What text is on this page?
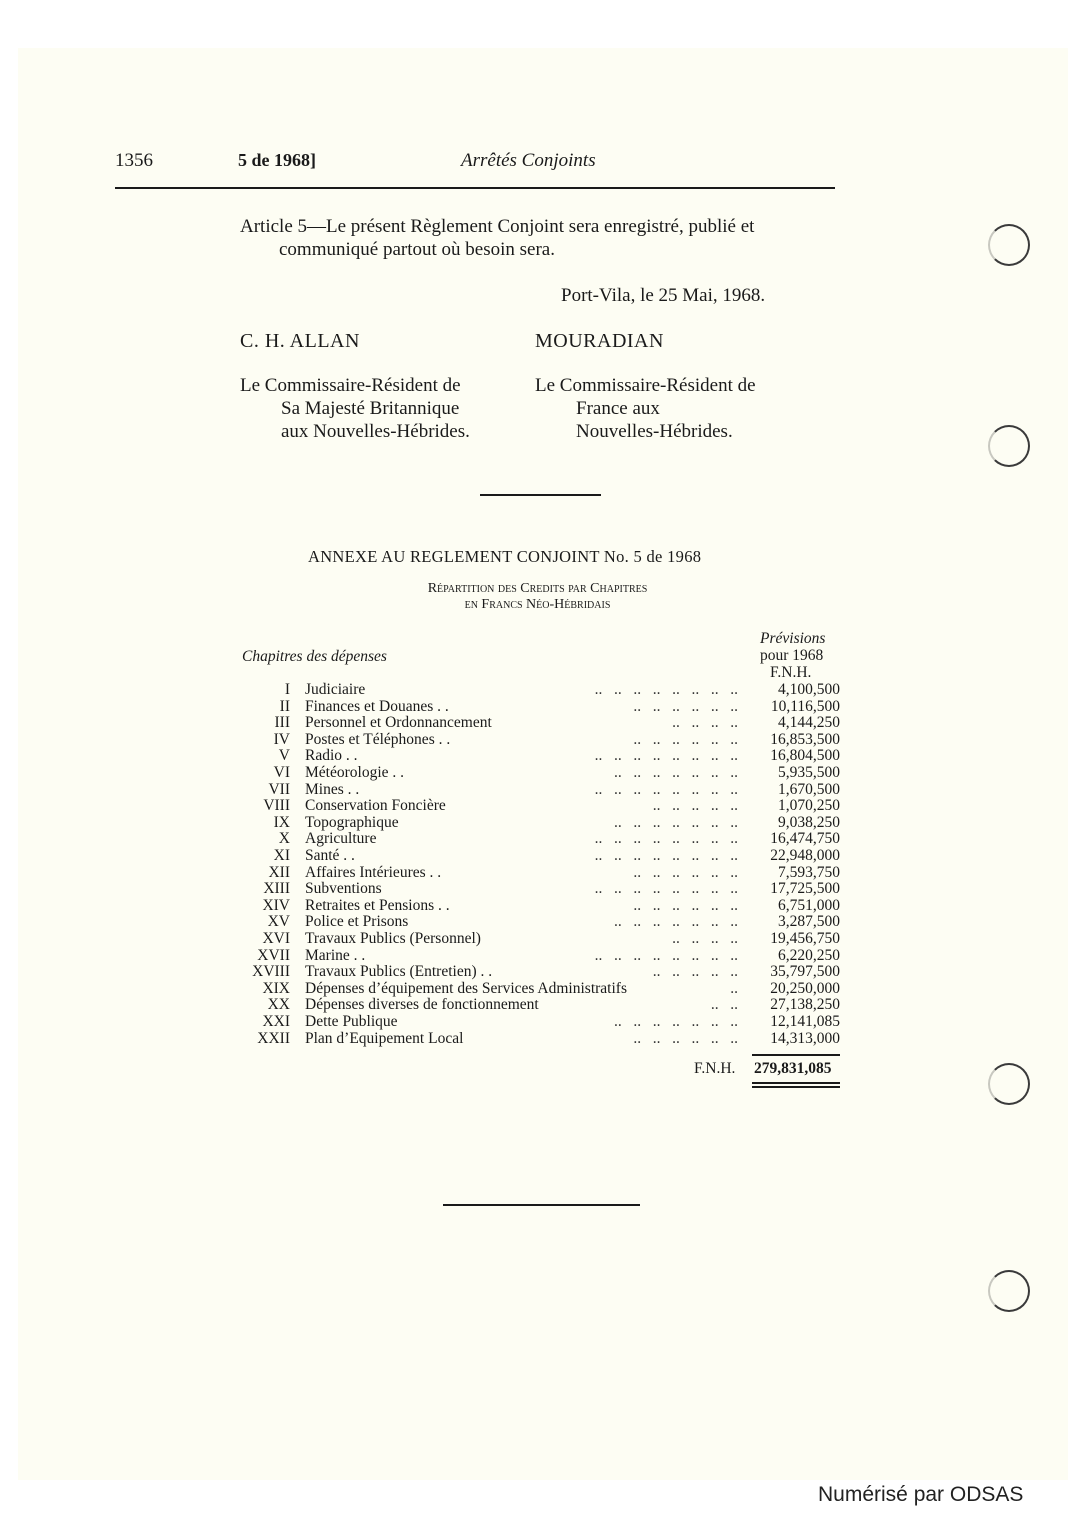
1356	5 de 1968]	Arrêtés Conjoints
Article 5—Le présent Règlement Conjoint sera enregistré, publié et
communiqué partout où besoin sera.
Port-Vila, le 25 Mai, 1968.
C. H. ALLAN	MOURADIAN
Le Commissaire-Résident de
Sa Majesté Britannique
aux Nouvelles-Hébrides.
Le Commissaire-Résident de
France aux
Nouvelles-Hébrides.
ANNEXE AU REGLEMENT CONJOINT No. 5 de 1968
Répartition des Credits par Chapitres
en Francs Néo-Hébridais
Chapitres des dépenses
Prévisions
pour 1968
F.N.H.
I Judiciaire	..   ..   ..   ..   ..   ..   ..   ..	4,100,500
II Finances et Douanes . .	..   ..   ..   ..   ..   ..	10,116,500
III Personnel et Ordonnancement	..   ..   ..   ..	4,144,250
IV Postes et Téléphones . .	..   ..   ..   ..   ..   ..	16,853,500
V Radio . .	..   ..   ..   ..   ..   ..   ..   ..	16,804,500
VI Météorologie . .	..   ..   ..   ..   ..   ..   ..	5,935,500
VII Mines . .	..   ..   ..   ..   ..   ..   ..   ..	1,670,500
VIII Conservation Foncière	..   ..   ..   ..   ..	1,070,250
IX Topographique	..   ..   ..   ..   ..   ..   ..	9,038,250
X Agriculture	..   ..   ..   ..   ..   ..   ..   ..	16,474,750
XI Santé . .	..   ..   ..   ..   ..   ..   ..   ..	22,948,000
XII Affaires Intérieures . .	..   ..   ..   ..   ..   ..	7,593,750
XIII Subventions	..   ..   ..   ..   ..   ..   ..   ..	17,725,500
XIV Retraites et Pensions . .	..   ..   ..   ..   ..   ..	6,751,000
XV Police et Prisons	..   ..   ..   ..   ..   ..   ..	3,287,500
XVI Travaux Publics (Personnel)	..   ..   ..   ..	19,456,750
XVII Marine . .	..   ..   ..   ..   ..   ..   ..   ..	6,220,250
XVIII Travaux Publics (Entretien) . .	..   ..   ..   ..   ..	35,797,500
XIX Dépenses d’équipement des Services Administratifs	..	20,250,000
XX Dépenses diverses de fonctionnement	..   ..	27,138,250
XXI Dette Publique	..   ..   ..   ..   ..   ..   ..	12,141,085
XXII Plan d’Equipement Local	..   ..   ..   ..   ..   ..	14,313,000
F.N.H. 279,831,085
Numérisé par ODSAS
